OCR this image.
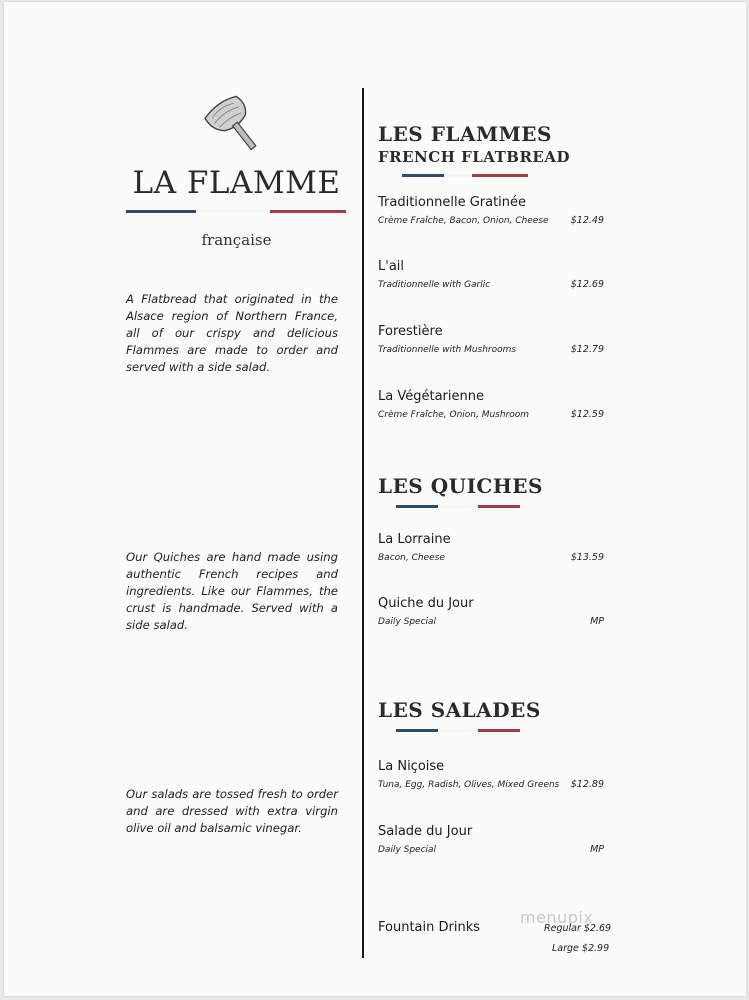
LA FLAMME
française
A Flatbread that originated in the Alsace region of Northern France, all of our crispy and delicious Flammes are made to order and served with a side salad.
Our Quiches are hand made using authentic French recipes and ingredients. Like our Flammes, the crust is handmade. Served with a side salad.
Our salads are tossed fresh to order and are dressed with extra virgin olive oil and balsamic vinegar.
LES FLAMMES
FRENCH FLATBREAD
Traditionnelle Gratinée
Crème Fraîche, Bacon, Onion, Cheese $12.49
L'ail
Traditionnelle with Garlic	$12.69
Forestière
Traditionnelle with Mushrooms	$12.79
La Végétarienne
Crème Fraîche, Onion, Mushroom	$12.59
LES QUICHES
La Lorraine
Bacon, Cheese	$13.59
Quiche du Jour
Daily Special	MP
LES SALADES
La Niçoise
Tuna, Egg, Radish, Olives, Mixed Greens $12.89
Salade du Jour
Daily Special	MP
menupix
Fountain Drinks	Regular $2.69
Large $2.99
